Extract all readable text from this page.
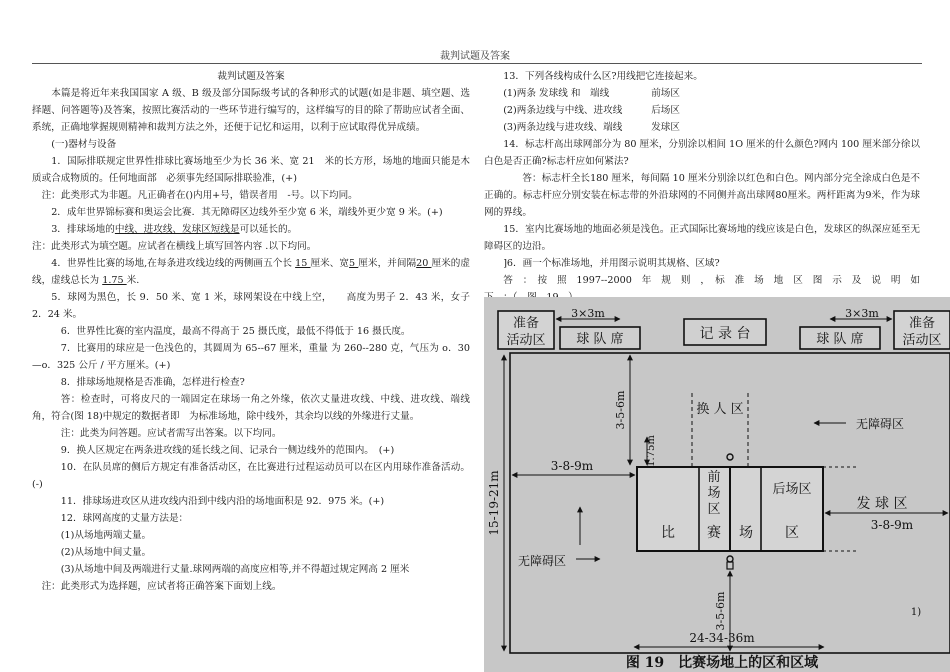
裁判试题及答案

裁判试题及答案

本篇是将近年来我国国家 A 级、B 级及部分国际级考试的各种形式的试题(如是非题、填空题、选择题、问答题等)及答案，按照比赛活动的一些环节进行编写的，这样编写的目的除了帮助应试者全面、系统，正确地掌握规则精神和裁判方法之外，还便于记忆和运用，以利于应试取得优异成绩。

(一)器材与设备

1．国际排联规定世界性排球比赛场地至少为长 36 米、宽 21　米的长方形，场地的地面只能是木质或合成物质的。任何地面部　必须事先经国际排联验准，(+)

注：此类形式为非题。凡正确者在()内用+号，错误者用　-号。以下均同。

2．成年世界锦标赛和奥运会比赛．其无障碍区边线外至少宽 6 米，端线外更少宽 9 米。(+)

3．排球场地的中线、进攻线、发球区短线是可以延长的。

注：此类形式为填空题。应试者在横线上填写回答内容 .以下均同。

4．世界性比赛的场地,在每条进攻线边线的两侧画五个长 15 厘米、宽5 厘米，并间隔20 厘米的虚线，虚线总长为 1.75 米.

5．球网为黑色，长 9．50 米、宽 1 米，球网架设在中线上空，　　高度为男子 2．43 米，女子 2．24 米。

6．世界性比赛的室内温度，最高不得高于 25 摄氏度，最低不得低于 16 摄氏度。

7．比赛用的球应是一色浅色的，其圆周为 65--67 厘米，重量 为 260--280 克，气压为 o．30—o．325 公斤 / 平方厘米。(+)

8．排球场地规格是否准确，怎样进行检查?

答：检查时，可将皮尺的一端固定在球场一角之外缘，依次丈量进攻线、中线、进攻线、端线角，符合(图 18)中规定的数据者即　为标准场地，除中线外，其余均以线的外缘进行丈量。

注：此类为问答题。应试者需写出答案。以下均同。

9．换人区规定在两条进攻线的延长线之间、记录台一侧边线外的范围内。　(+)

10．在队员席的侧后方规定有准备活动区，在比赛进行过程运动员可以在区内用球作准备活动。(-)

11．排球场进攻区从进攻线内沿到中线内沿的场地面积是 92．975 米。(+)

12．球网高度的丈量方法是：

(1)从场地两端丈量。

(2)从场地中间丈量。

(3)从场地中间及两端进行丈量.球网两端的高度应相等,并不得超过规定网高 2 厘米

注：此类形式为选择题，应试者将正确答案下面划上线。

13．下列各线构成什么区?用线把它连接起来。

(1)两条 发球线 和　端线	前场区
(2)两条边线与中线、进攻线	后场区
(3)两条边线与进攻线、端线	发球区

14．标志杆高出球网部分为 80 厘米，分别涂以相间 1O 厘米的什么颜色?网内 100 厘米部分徐以白色是否正确?标志杆应如何紧法?

答：标志杆全长180 厘米，每间隔 10 厘米分别涂以红色和白色。网内部分完全涂成白色是不正确的。标志杆应分别安装在标志带的外沿球网的不同侧并高出球网80厘米。两杆距离为9米，作为球网的界线。

15．室内比赛场地的地面必须是浅色。正式国际比赛场地的线应该是白色，发球区的纵深应延至无障碍区的边沿。

]6．画一个标准场地，并用图示说明其规格、区域?

答　：　按　照　1997--2000　年　规　则　，　标　准　场　地　区　图　示　及　说　明　如　　　　　

准备
活动区
准备
活动区
3×3m	3×3m
球 队 席	球 队 席
记 录 台
换 人 区
无障碍区
前
场
区
后场区
比 赛 场 区
发 球 区
3-8-9m
3-8-9m
3-5-6m
1.75m
15-19-21m
无障碍区
3-5-6m
24-34-36m
图 19　比赛场地上的区和区域
1)
